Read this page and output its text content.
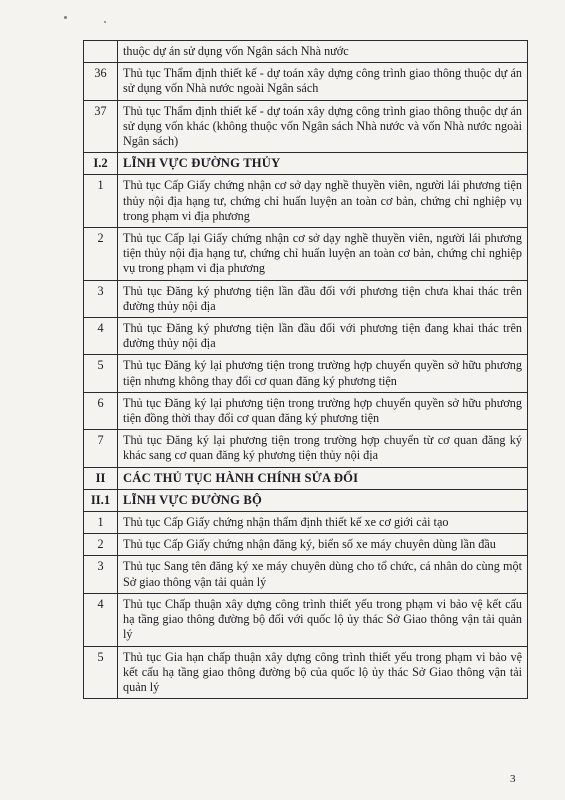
	thuộc dự án sử dụng vốn Ngân sách Nhà nước
36	Thủ tục Thẩm định thiết kế - dự toán xây dựng công trình giao thông thuộc dự án sử dụng vốn Nhà nước ngoài Ngân sách
37	Thủ tục Thẩm định thiết kế - dự toán xây dựng công trình giao thông thuộc dự án sử dụng vốn khác (không thuộc vốn Ngân sách Nhà nước và vốn Nhà nước ngoài Ngân sách)
I.2	LĨNH VỰC ĐƯỜNG THỦY
1	Thủ tục Cấp Giấy chứng nhận cơ sở dạy nghề thuyền viên, người lái phương tiện thủy nội địa hạng tư, chứng chỉ huấn luyện an toàn cơ bản, chứng chỉ nghiệp vụ trong phạm vi địa phương
2	Thủ tục Cấp lại Giấy chứng nhận cơ sở dạy nghề thuyền viên, người lái phương tiện thủy nội địa hạng tư, chứng chỉ huấn luyện an toàn cơ bản, chứng chỉ nghiệp vụ trong phạm vi địa phương
3	Thủ tục Đăng ký phương tiện lần đầu đối với phương tiện chưa khai thác trên đường thủy nội địa
4	Thủ tục Đăng ký phương tiện lần đầu đối với phương tiện đang khai thác trên đường thủy nội địa
5	Thủ tục Đăng ký lại phương tiện trong trường hợp chuyển quyền sở hữu phương tiện nhưng không thay đổi cơ quan đăng ký phương tiện
6	Thủ tục Đăng ký lại phương tiện trong trường hợp chuyển quyền sở hữu phương tiện đồng thời thay đổi cơ quan đăng ký phương tiện
7	Thủ tục Đăng ký lại phương tiện trong trường hợp chuyển từ cơ quan đăng ký khác sang cơ quan đăng ký phương tiện thủy nội địa
II	CÁC THỦ TỤC HÀNH CHÍNH SỬA ĐỔI
II.1	LĨNH VỰC ĐƯỜNG BỘ
1	Thủ tục Cấp Giấy chứng nhận thẩm định thiết kế xe cơ giới cải tạo
2	Thủ tục Cấp Giấy chứng nhận đăng ký, biển số xe máy chuyên dùng lần đầu
3	Thủ tục Sang tên đăng ký xe máy chuyên dùng cho tổ chức, cá nhân do cùng một Sở giao thông vận tải quản lý
4	Thủ tục Chấp thuận xây dựng công trình thiết yếu trong phạm vi bảo vệ kết cấu hạ tầng giao thông đường bộ đối với quốc lộ ủy thác Sở Giao thông vận tải quản lý
5	Thủ tục Gia hạn chấp thuận xây dựng công trình thiết yếu trong phạm vi bảo vệ kết cấu hạ tầng giao thông đường bộ của quốc lộ ủy thác Sở Giao thông vận tải quản lý
3
